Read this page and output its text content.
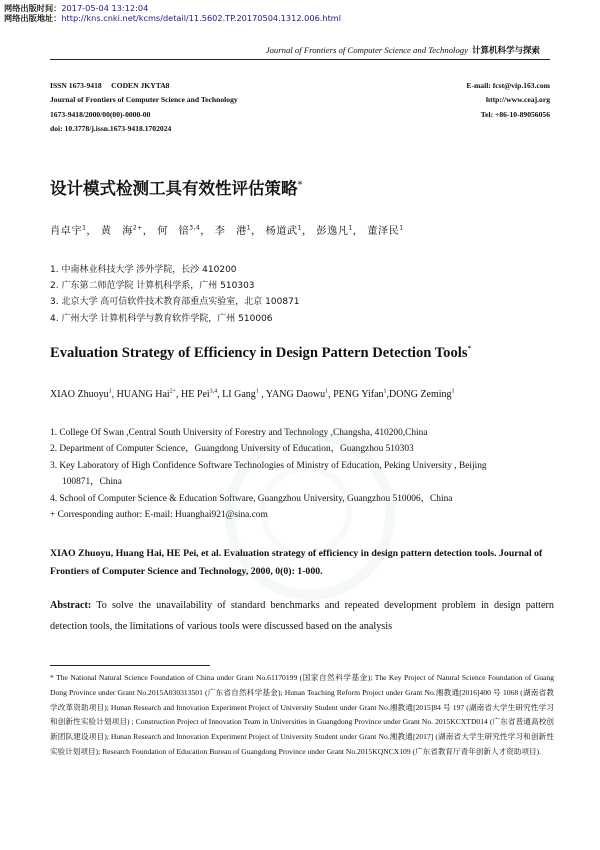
网络出版时间：2017-05-04 13:12:04
网络出版地址：http://kns.cnki.net/kcms/detail/11.5602.TP.20170504.1312.006.html
Journal of Frontiers of Computer Science and Technology 计算机科学与探索
ISSN 1673-9418     CODEN JKYTA8
Journal of Frontiers of Computer Science and Technology
1673-9418/2000/00(00)-0000-00
doi: 10.3778/j.issn.1673-9418.1702024
E-mail: fcst@vip.163.com
http://www.ceaj.org
Tel: +86-10-89056056
设计模式检测工具有效性评估策略*
肖卓宇$^1$， 黄　海$^{2+}$， 何　锫$^{3,4}$， 李　港$^1$， 杨道武$^1$， 彭逸凡$^1$， 董泽民$^1$
1. 中南林业科技大学 涉外学院，长沙 410200
2. 广东第二师范学院 计算机科学系，广州 510303
3. 北京大学 高可信软件技术教育部重点实验室，北京 100871
4. 广州大学 计算机科学与教育软件学院，广州 510006
Evaluation Strategy of Efficiency in Design Pattern Detection Tools*
XIAO Zhuoyu$^1$, HUANG Hai$^{2+}$, HE Pei$^{3,4}$, LI Gang$^1$ , YANG Daowu$^1$, PENG Yifan$^1$,DONG Zeming$^1$
1. College Of Swan ,Central South University of Forestry and Technology ,Changsha, 410200,China
2. Department of Computer Science，Guangdong University of Education，Guangzhou 510303
3. Key Laboratory of High Confidence Software Technologies of Ministry of Education, Peking University , Beijing
100871，China
4. School of Computer Science & Education Software, Guangzhou University, Guangzhou 510006，China
+ Corresponding author: E-mail: Huanghai921@sina.com
XIAO Zhuoyu, Huang Hai, HE Pei, et al. Evaluation strategy of efficiency in design pattern detection tools. Journal of Frontiers of Computer Science and Technology, 2000, 0(0): 1-000.
Abstract: To solve the unavailability of standard benchmarks and repeated development problem in design pattern detection tools, the limitations of various tools were discussed based on the analysis
* The National Natural Science Foundation of China under Grant No.61170199 (国家自然科学基金); The Key Project of Natural Science Foundation of Guang Dong Province under Grant No.2015A030313501 (广东省自然科学基金); Hunan Teaching Reform Project under Grant No.湘教通[2016]400 号 1068 (湖南省教学改革资助项目); Hunan Research and Innovation Experiment Project of University Student under Grant No.湘教通[2015]84 号 197 (湖南省大学生研究性学习和创新性实验计划项目) ; Construction Project of Innovation Team in Universities in Guangdong Province under Grant No. 2015KCXTD014 (广东省普通高校创新团队建设项目); Hunan Research and Innovation Experiment Project of University Student under Grant No.湘教通[2017] (湖南省大学生研究性学习和创新性实验计划项目); Research Foundation of Education Bureau of Guangdong Province under Grant No.2015KQNCX109 (广东省教育厅青年创新人才资助项目).
